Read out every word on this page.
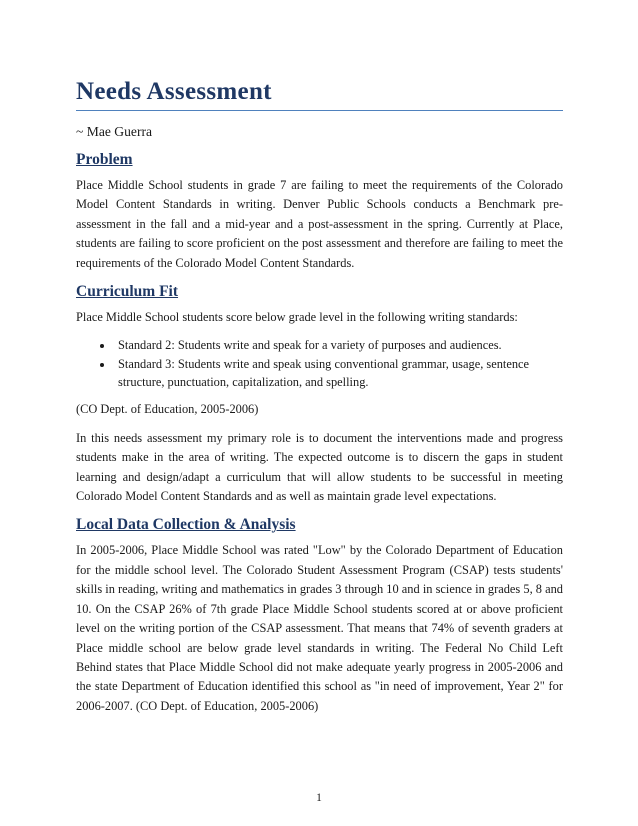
Needs Assessment
~ Mae Guerra
Problem

Place Middle School students in grade 7 are failing to meet the requirements of the Colorado Model Content Standards in writing. Denver Public Schools conducts a Benchmark pre-assessment in the fall and a mid-year and a post-assessment in the spring. Currently at Place, students are failing to score proficient on the post assessment and therefore are failing to meet the requirements of the Colorado Model Content Standards.

Curriculum Fit

Place Middle School students score below grade level in the following writing standards:

• Standard 2: Students write and speak for a variety of purposes and audiences.
• Standard 3: Students write and speak using conventional grammar, usage, sentence structure, punctuation, capitalization, and spelling.

(CO Dept. of Education, 2005-2006)

In this needs assessment my primary role is to document the interventions made and progress students make in the area of writing. The expected outcome is to discern the gaps in student learning and design/adapt a curriculum that will allow students to be successful in meeting Colorado Model Content Standards and as well as maintain grade level expectations.

Local Data Collection & Analysis

In 2005-2006, Place Middle School was rated "Low" by the Colorado Department of Education for the middle school level. The Colorado Student Assessment Program (CSAP) tests students' skills in reading, writing and mathematics in grades 3 through 10 and in science in grades 5, 8 and 10. On the CSAP 26% of 7th grade Place Middle School students scored at or above proficient level on the writing portion of the CSAP assessment. That means that 74% of seventh graders at Place middle school are below grade level standards in writing. The Federal No Child Left Behind states that Place Middle School did not make adequate yearly progress in 2005-2006 and the state Department of Education identified this school as "in need of improvement, Year 2" for 2006-2007. (CO Dept. of Education, 2005-2006)

1
